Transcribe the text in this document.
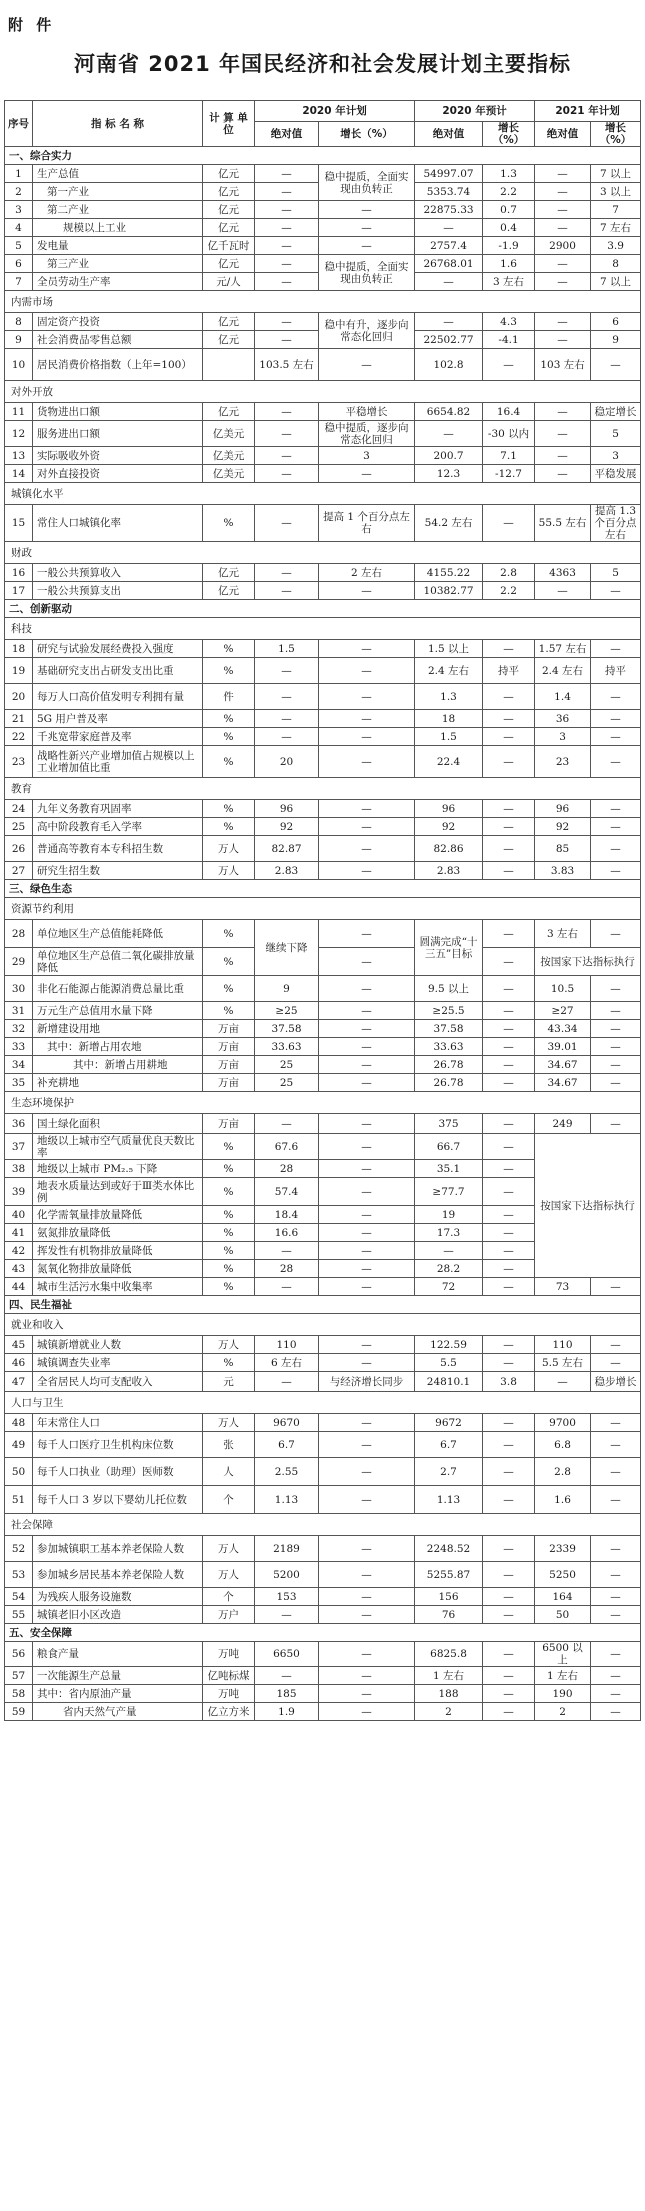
附 件
河南省 2021 年国民经济和社会发展计划主要指标
序号	指 标 名 称	计 算 单 位	2020 年计划		2020 年预计		2021 年计划	
			绝对值	增长（%）	绝对值	增长（%）	绝对值	增长（%）
一、综合实力								
1	生产总值	亿元	—	稳中提质，全面实现由负转正	54997.07	1.3	—	7 以上
2	第一产业	亿元	—		5353.74	2.2	—	3 以上
3	第二产业	亿元	—	—	22875.33	0.7	—	7
4	规模以上工业	亿元	—	—	—	0.4	—	7 左右
5	发电量	亿千瓦时	—	—	2757.4	-1.9	2900	3.9
6	第三产业	亿元	—	稳中提质，全面实现由负转正	26768.01	1.6	—	8
7	全员劳动生产率	元/人	—		—	3 左右	—	7 以上
内需市场								
8	固定资产投资	亿元	—	稳中有升，逐步向常态化回归	—	4.3	—	6
9	社会消费品零售总额	亿元	—		22502.77	-4.1	—	9
10	居民消费价格指数（上年=100）		103.5 左右	—	102.8	—	103 左右	—
对外开放								
11	货物进出口额	亿元	—	平稳增长	6654.82	16.4	—	稳定增长
12	服务进出口额	亿美元	—	稳中提质，逐步向常态化回归	—	-30 以内	—	5
13	实际吸收外资	亿美元	—	3	200.7	7.1	—	3
14	对外直接投资	亿美元	—	—	12.3	-12.7	—	平稳发展
城镇化水平								
15	常住人口城镇化率	%	—	提高 1 个百分点左右	54.2 左右	—	55.5 左右	提高 1.3 个百分点左右
财政								
16	一般公共预算收入	亿元	—	2 左右	4155.22	2.8	4363	5
17	一般公共预算支出	亿元	—	—	10382.77	2.2	—	—
二、创新驱动								
科技								
18	研究与试验发展经费投入强度	%	1.5	—	1.5 以上	—	1.57 左右	—
19	基础研究支出占研发支出比重	%	—	—	2.4 左右	持平	2.4 左右	持平
20	每万人口高价值发明专利拥有量	件	—	—	1.3	—	1.4	—
21	5G 用户普及率	%	—	—	18	—	36	—
22	千兆宽带家庭普及率	%	—	—	1.5	—	3	—
23	战略性新兴产业增加值占规模以上工业增加值比重	%	20	—	22.4	—	23	—
教育								
24	九年义务教育巩固率	%	96	—	96	—	96	—
25	高中阶段教育毛入学率	%	92	—	92	—	92	—
26	普通高等教育本专科招生数	万人	82.87	—	82.86	—	85	—
27	研究生招生数	万人	2.83	—	2.83	—	3.83	—
三、绿色生态								
资源节约利用								
28	单位地区生产总值能耗降低	%	继续下降	—	圆满完成“十三五”目标	—	3 左右	—
29	单位地区生产总值二氧化碳排放量降低	%		—		—	按国家下达指标执行	
30	非化石能源占能源消费总量比重	%	9	—	9.5 以上	—	10.5	—
31	万元生产总值用水量下降	%	≥25	—	≥25.5	—	≥27	—
32	新增建设用地	万亩	37.58	—	37.58	—	43.34	—
33	其中：新增占用农地	万亩	33.63	—	33.63	—	39.01	—
34	其中：新增占用耕地	万亩	25	—	26.78	—	34.67	—
35	补充耕地	万亩	25	—	26.78	—	34.67	—
生态环境保护								
36	国土绿化面积	万亩	—	—	375	—	249	—
37	地级以上城市空气质量优良天数比率	%	67.6	—	66.7	—	按国家下达指标执行	
38	地级以上城市 PM₂.₅ 下降	%	28	—	35.1	—		
39	地表水质量达到或好于Ⅲ类水体比例	%	57.4	—	≥77.7	—		
40	化学需氧量排放量降低	%	18.4	—	19	—		
41	氨氮排放量降低	%	16.6	—	17.3	—		
42	挥发性有机物排放量降低	%	—	—	—	—		
43	氮氧化物排放量降低	%	28	—	28.2	—		
44	城市生活污水集中收集率	%	—	—	72	—	73	—
四、民生福祉								
就业和收入								
45	城镇新增就业人数	万人	110	—	122.59	—	110	—
46	城镇调查失业率	%	6 左右	—	5.5	—	5.5 左右	—
47	全省居民人均可支配收入	元	—	与经济增长同步	24810.1	3.8	—	稳步增长
人口与卫生								
48	年末常住人口	万人	9670	—	9672	—	9700	—
49	每千人口医疗卫生机构床位数	张	6.7	—	6.7	—	6.8	—
50	每千人口执业（助理）医师数	人	2.55	—	2.7	—	2.8	—
51	每千人口 3 岁以下婴幼儿托位数	个	1.13	—	1.13	—	1.6	—
社会保障								
52	参加城镇职工基本养老保险人数	万人	2189	—	2248.52	—	2339	—
53	参加城乡居民基本养老保险人数	万人	5200	—	5255.87	—	5250	—
54	为残疾人服务设施数	个	153	—	156	—	164	—
55	城镇老旧小区改造	万户	—	—	76	—	50	—
五、安全保障								
56	粮食产量	万吨	6650	—	6825.8	—	6500 以上	—
57	一次能源生产总量	亿吨标煤	—	—	1 左右	—	1 左右	—
58	其中：省内原油产量	万吨	185	—	188	—	190	—
59	省内天然气产量	亿立方米	1.9	—	2	—	2	—
